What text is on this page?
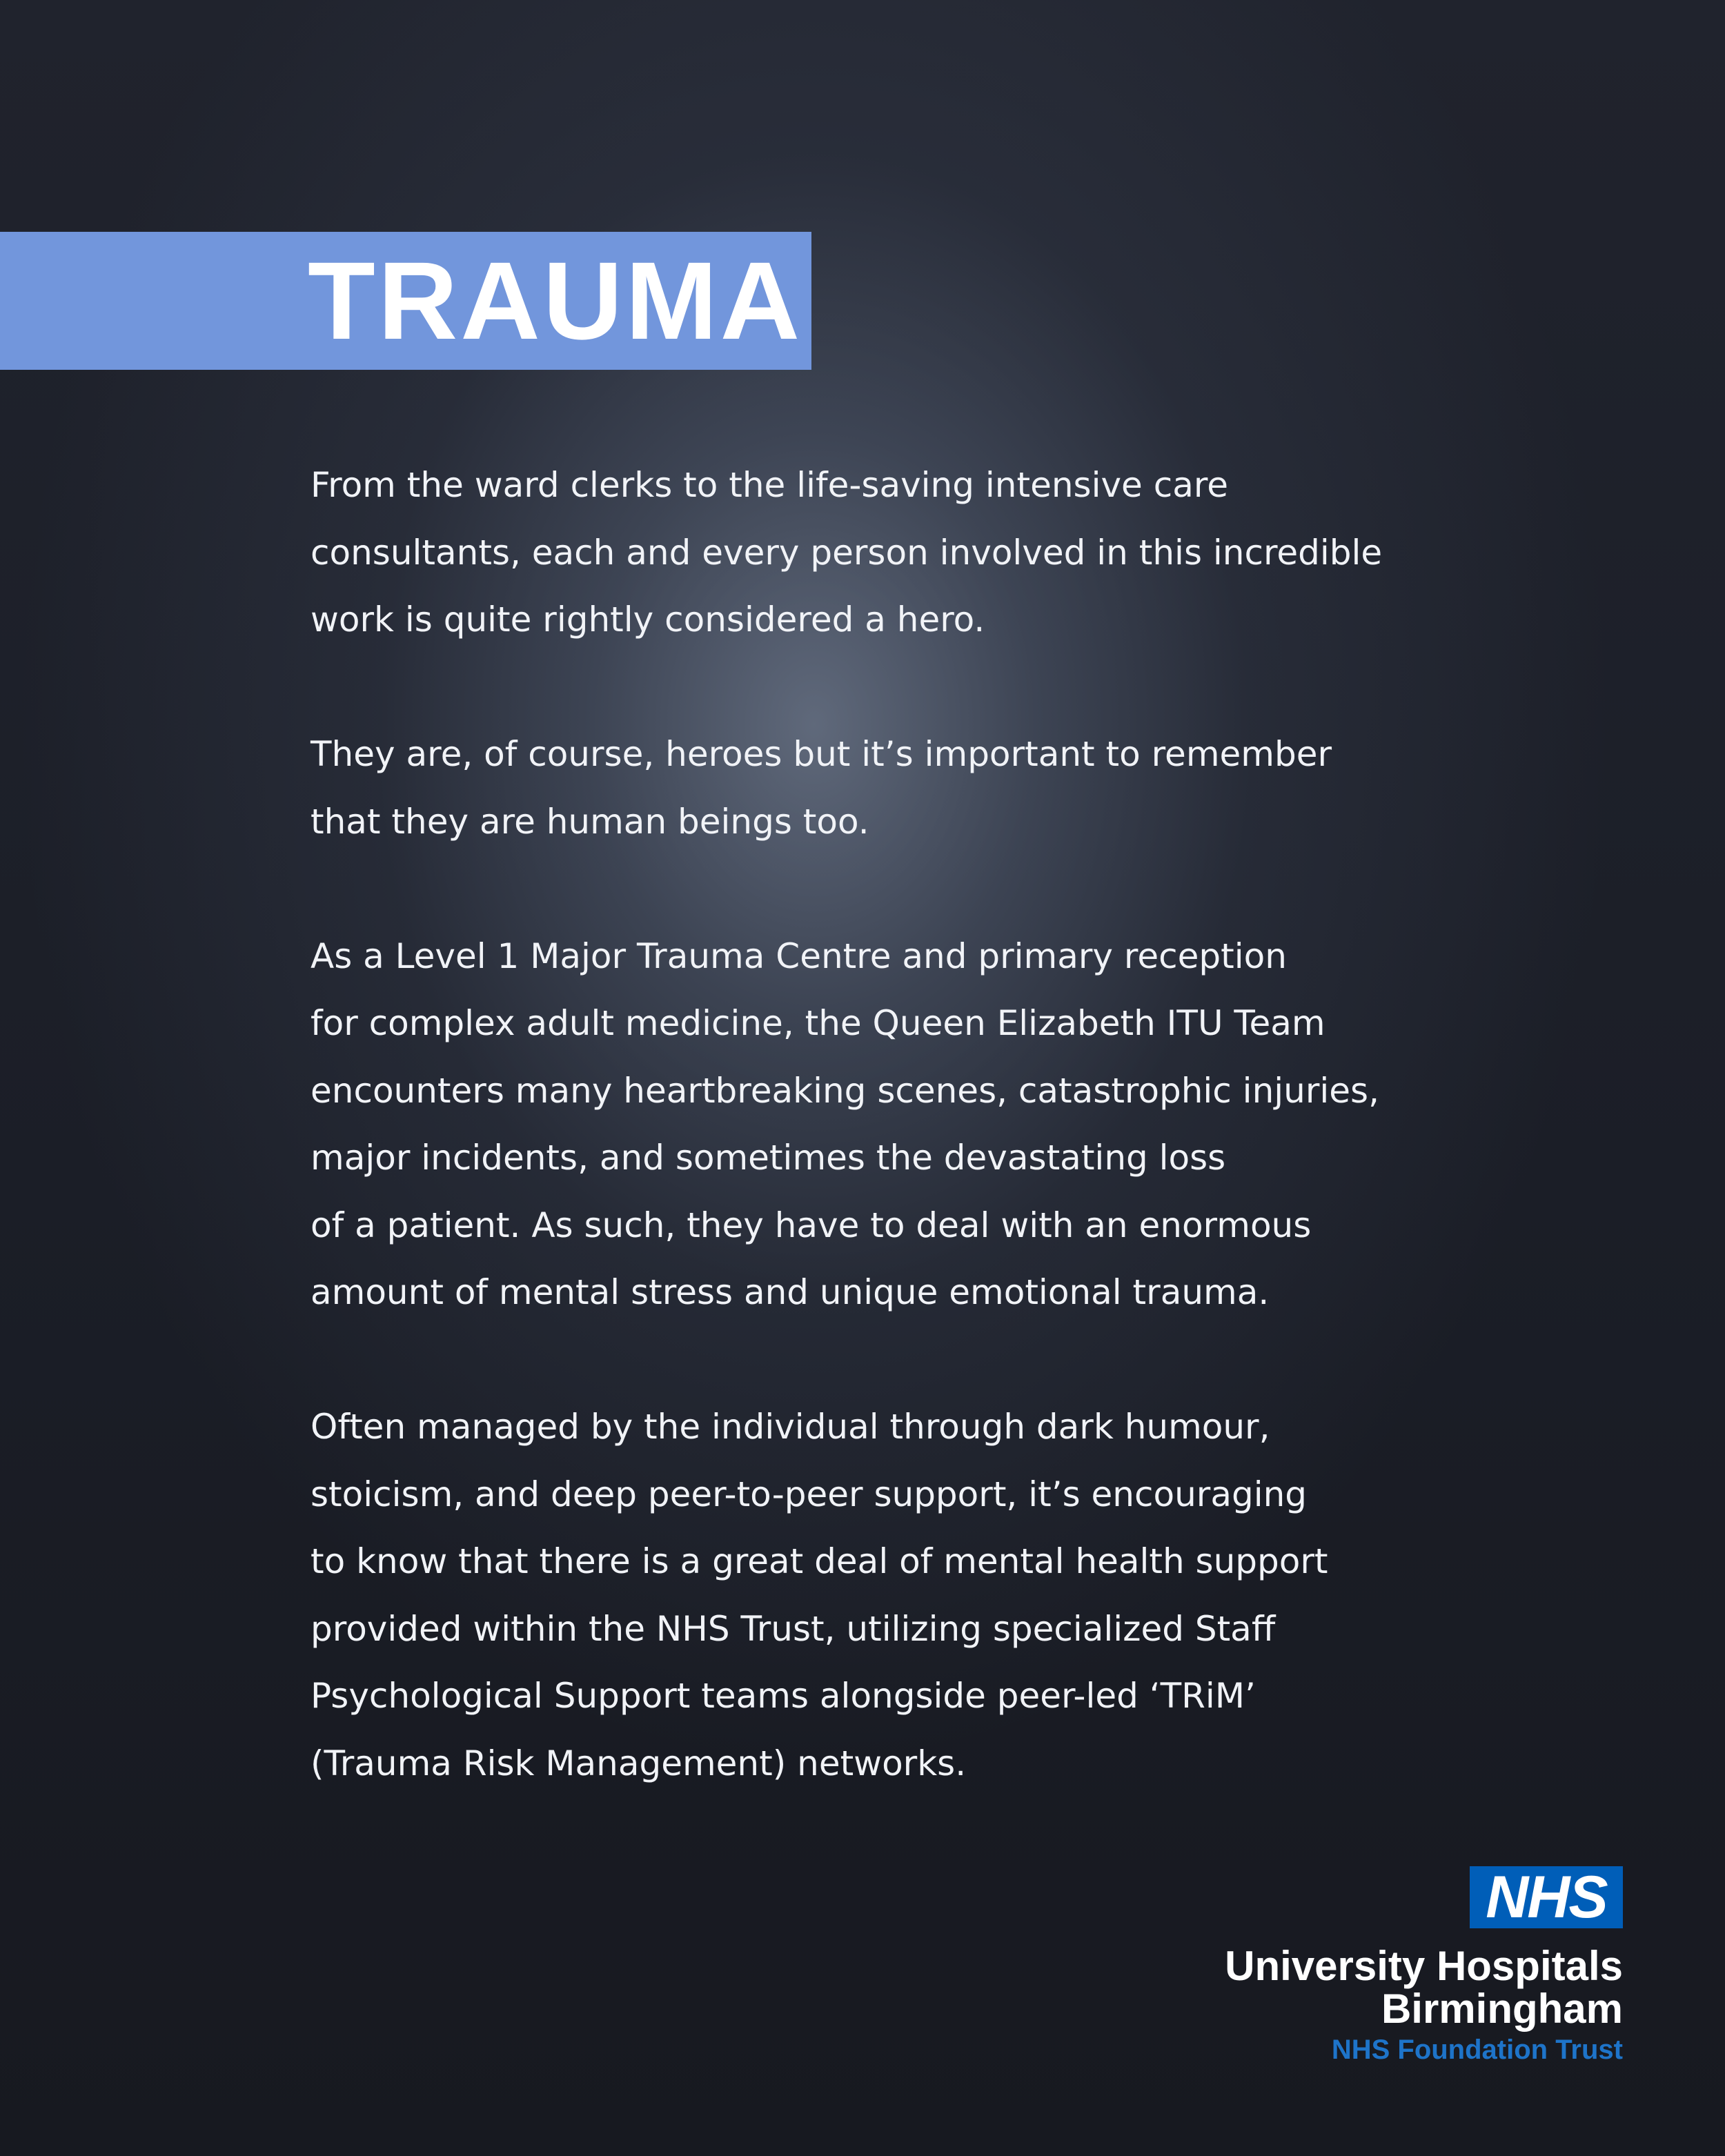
TRAUMA

From the ward clerks to the life-saving intensive care
consultants, each and every person involved in this incredible
work is quite rightly considered a hero.

They are, of course, heroes but it’s important to remember
that they are human beings too.

As a Level 1 Major Trauma Centre and primary reception
for complex adult medicine, the Queen Elizabeth ITU Team
encounters many heartbreaking scenes, catastrophic injuries,
major incidents, and sometimes the devastating loss
of a patient. As such, they have to deal with an enormous
amount of mental stress and unique emotional trauma.

Often managed by the individual through dark humour,
stoicism, and deep peer-to-peer support, it’s encouraging
to know that there is a great deal of mental health support
provided within the NHS Trust, utilizing specialized Staff
Psychological Support teams alongside peer-led ‘TRiM’
(Trauma Risk Management) networks.

NHS
University Hospitals
Birmingham
NHS Foundation Trust
